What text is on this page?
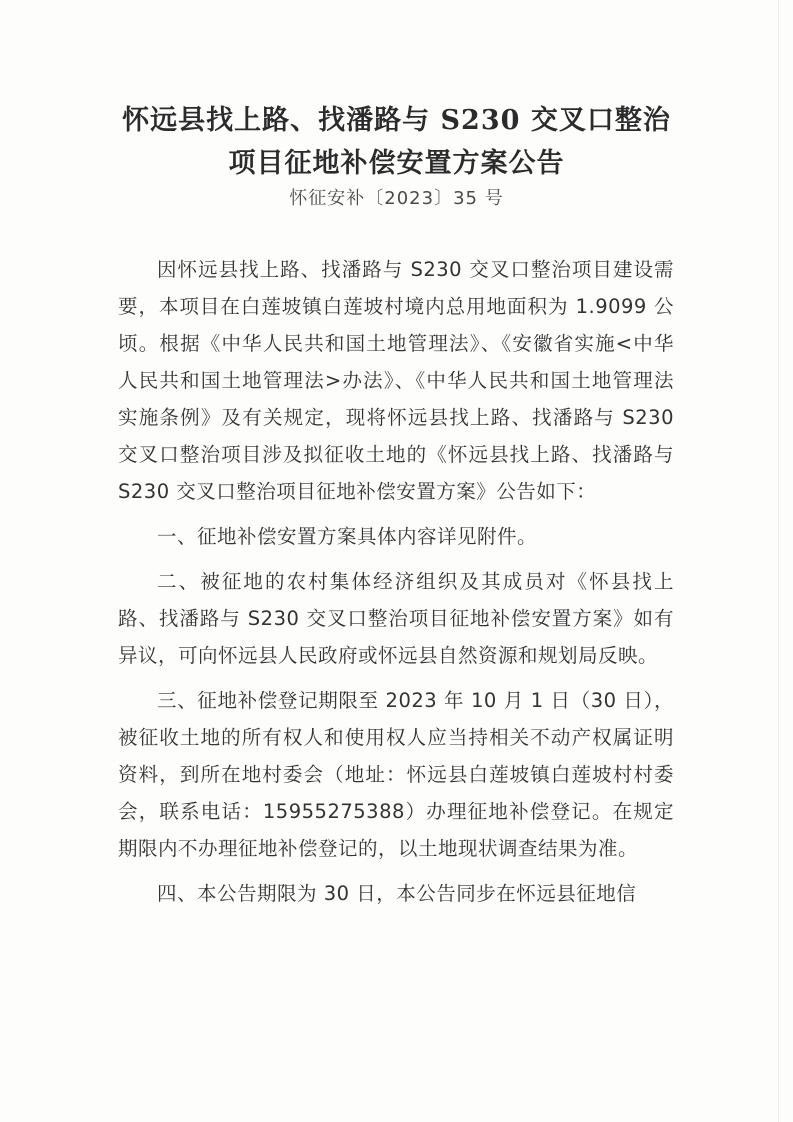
怀远县找上路、找潘路与 S230 交叉口整治
项目征地补偿安置方案公告
怀征安补〔2023〕35 号

因怀远县找上路、找潘路与 S230 交叉口整治项目建设需要，本项目在白莲坡镇白莲坡村境内总用地面积为 1.9099 公顷。根据《中华人民共和国土地管理法》、《安徽省实施<中华人民共和国土地管理法>办法》、《中华人民共和国土地管理法实施条例》及有关规定，现将怀远县找上路、找潘路与 S230 交叉口整治项目涉及拟征收土地的《怀远县找上路、找潘路与 S230 交叉口整治项目征地补偿安置方案》公告如下：

一、征地补偿安置方案具体内容详见附件。

二、被征地的农村集体经济组织及其成员对《怀县找上路、找潘路与 S230 交叉口整治项目征地补偿安置方案》如有异议，可向怀远县人民政府或怀远县自然资源和规划局反映。

三、征地补偿登记期限至 2023 年 10 月 1 日（30 日），被征收土地的所有权人和使用权人应当持相关不动产权属证明资料，到所在地村委会（地址：怀远县白莲坡镇白莲坡村村委会，联系电话：15955275388）办理征地补偿登记。在规定期限内不办理征地补偿登记的，以土地现状调查结果为准。

四、本公告期限为 30 日，本公告同步在怀远县征地信
